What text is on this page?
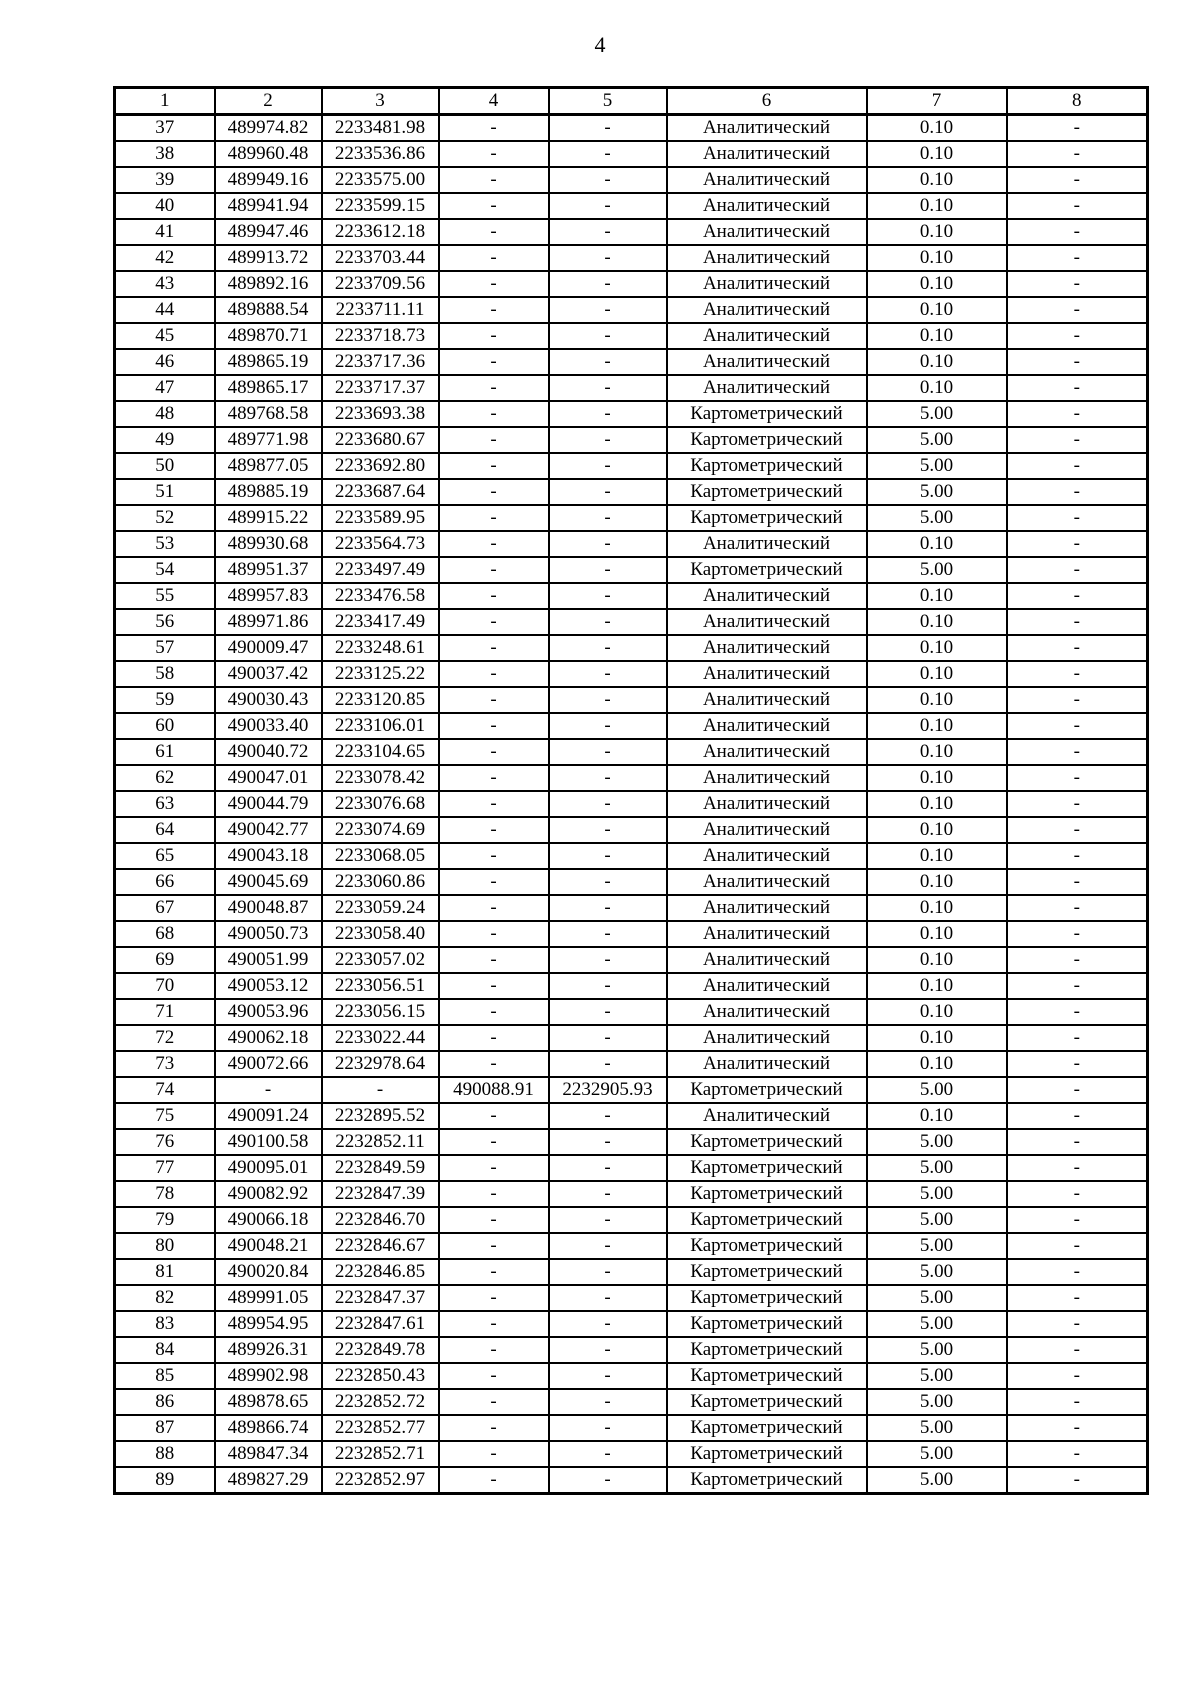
4
1	2	3	4	5	6	7	8
37	489974.82	2233481.98	-	-	Аналитический	0.10	-
38	489960.48	2233536.86	-	-	Аналитический	0.10	-
39	489949.16	2233575.00	-	-	Аналитический	0.10	-
40	489941.94	2233599.15	-	-	Аналитический	0.10	-
41	489947.46	2233612.18	-	-	Аналитический	0.10	-
42	489913.72	2233703.44	-	-	Аналитический	0.10	-
43	489892.16	2233709.56	-	-	Аналитический	0.10	-
44	489888.54	2233711.11	-	-	Аналитический	0.10	-
45	489870.71	2233718.73	-	-	Аналитический	0.10	-
46	489865.19	2233717.36	-	-	Аналитический	0.10	-
47	489865.17	2233717.37	-	-	Аналитический	0.10	-
48	489768.58	2233693.38	-	-	Картометрический	5.00	-
49	489771.98	2233680.67	-	-	Картометрический	5.00	-
50	489877.05	2233692.80	-	-	Картометрический	5.00	-
51	489885.19	2233687.64	-	-	Картометрический	5.00	-
52	489915.22	2233589.95	-	-	Картометрический	5.00	-
53	489930.68	2233564.73	-	-	Аналитический	0.10	-
54	489951.37	2233497.49	-	-	Картометрический	5.00	-
55	489957.83	2233476.58	-	-	Аналитический	0.10	-
56	489971.86	2233417.49	-	-	Аналитический	0.10	-
57	490009.47	2233248.61	-	-	Аналитический	0.10	-
58	490037.42	2233125.22	-	-	Аналитический	0.10	-
59	490030.43	2233120.85	-	-	Аналитический	0.10	-
60	490033.40	2233106.01	-	-	Аналитический	0.10	-
61	490040.72	2233104.65	-	-	Аналитический	0.10	-
62	490047.01	2233078.42	-	-	Аналитический	0.10	-
63	490044.79	2233076.68	-	-	Аналитический	0.10	-
64	490042.77	2233074.69	-	-	Аналитический	0.10	-
65	490043.18	2233068.05	-	-	Аналитический	0.10	-
66	490045.69	2233060.86	-	-	Аналитический	0.10	-
67	490048.87	2233059.24	-	-	Аналитический	0.10	-
68	490050.73	2233058.40	-	-	Аналитический	0.10	-
69	490051.99	2233057.02	-	-	Аналитический	0.10	-
70	490053.12	2233056.51	-	-	Аналитический	0.10	-
71	490053.96	2233056.15	-	-	Аналитический	0.10	-
72	490062.18	2233022.44	-	-	Аналитический	0.10	-
73	490072.66	2232978.64	-	-	Аналитический	0.10	-
74	-	-	490088.91	2232905.93	Картометрический	5.00	-
75	490091.24	2232895.52	-	-	Аналитический	0.10	-
76	490100.58	2232852.11	-	-	Картометрический	5.00	-
77	490095.01	2232849.59	-	-	Картометрический	5.00	-
78	490082.92	2232847.39	-	-	Картометрический	5.00	-
79	490066.18	2232846.70	-	-	Картометрический	5.00	-
80	490048.21	2232846.67	-	-	Картометрический	5.00	-
81	490020.84	2232846.85	-	-	Картометрический	5.00	-
82	489991.05	2232847.37	-	-	Картометрический	5.00	-
83	489954.95	2232847.61	-	-	Картометрический	5.00	-
84	489926.31	2232849.78	-	-	Картометрический	5.00	-
85	489902.98	2232850.43	-	-	Картометрический	5.00	-
86	489878.65	2232852.72	-	-	Картометрический	5.00	-
87	489866.74	2232852.77	-	-	Картометрический	5.00	-
88	489847.34	2232852.71	-	-	Картометрический	5.00	-
89	489827.29	2232852.97	-	-	Картометрический	5.00	-
